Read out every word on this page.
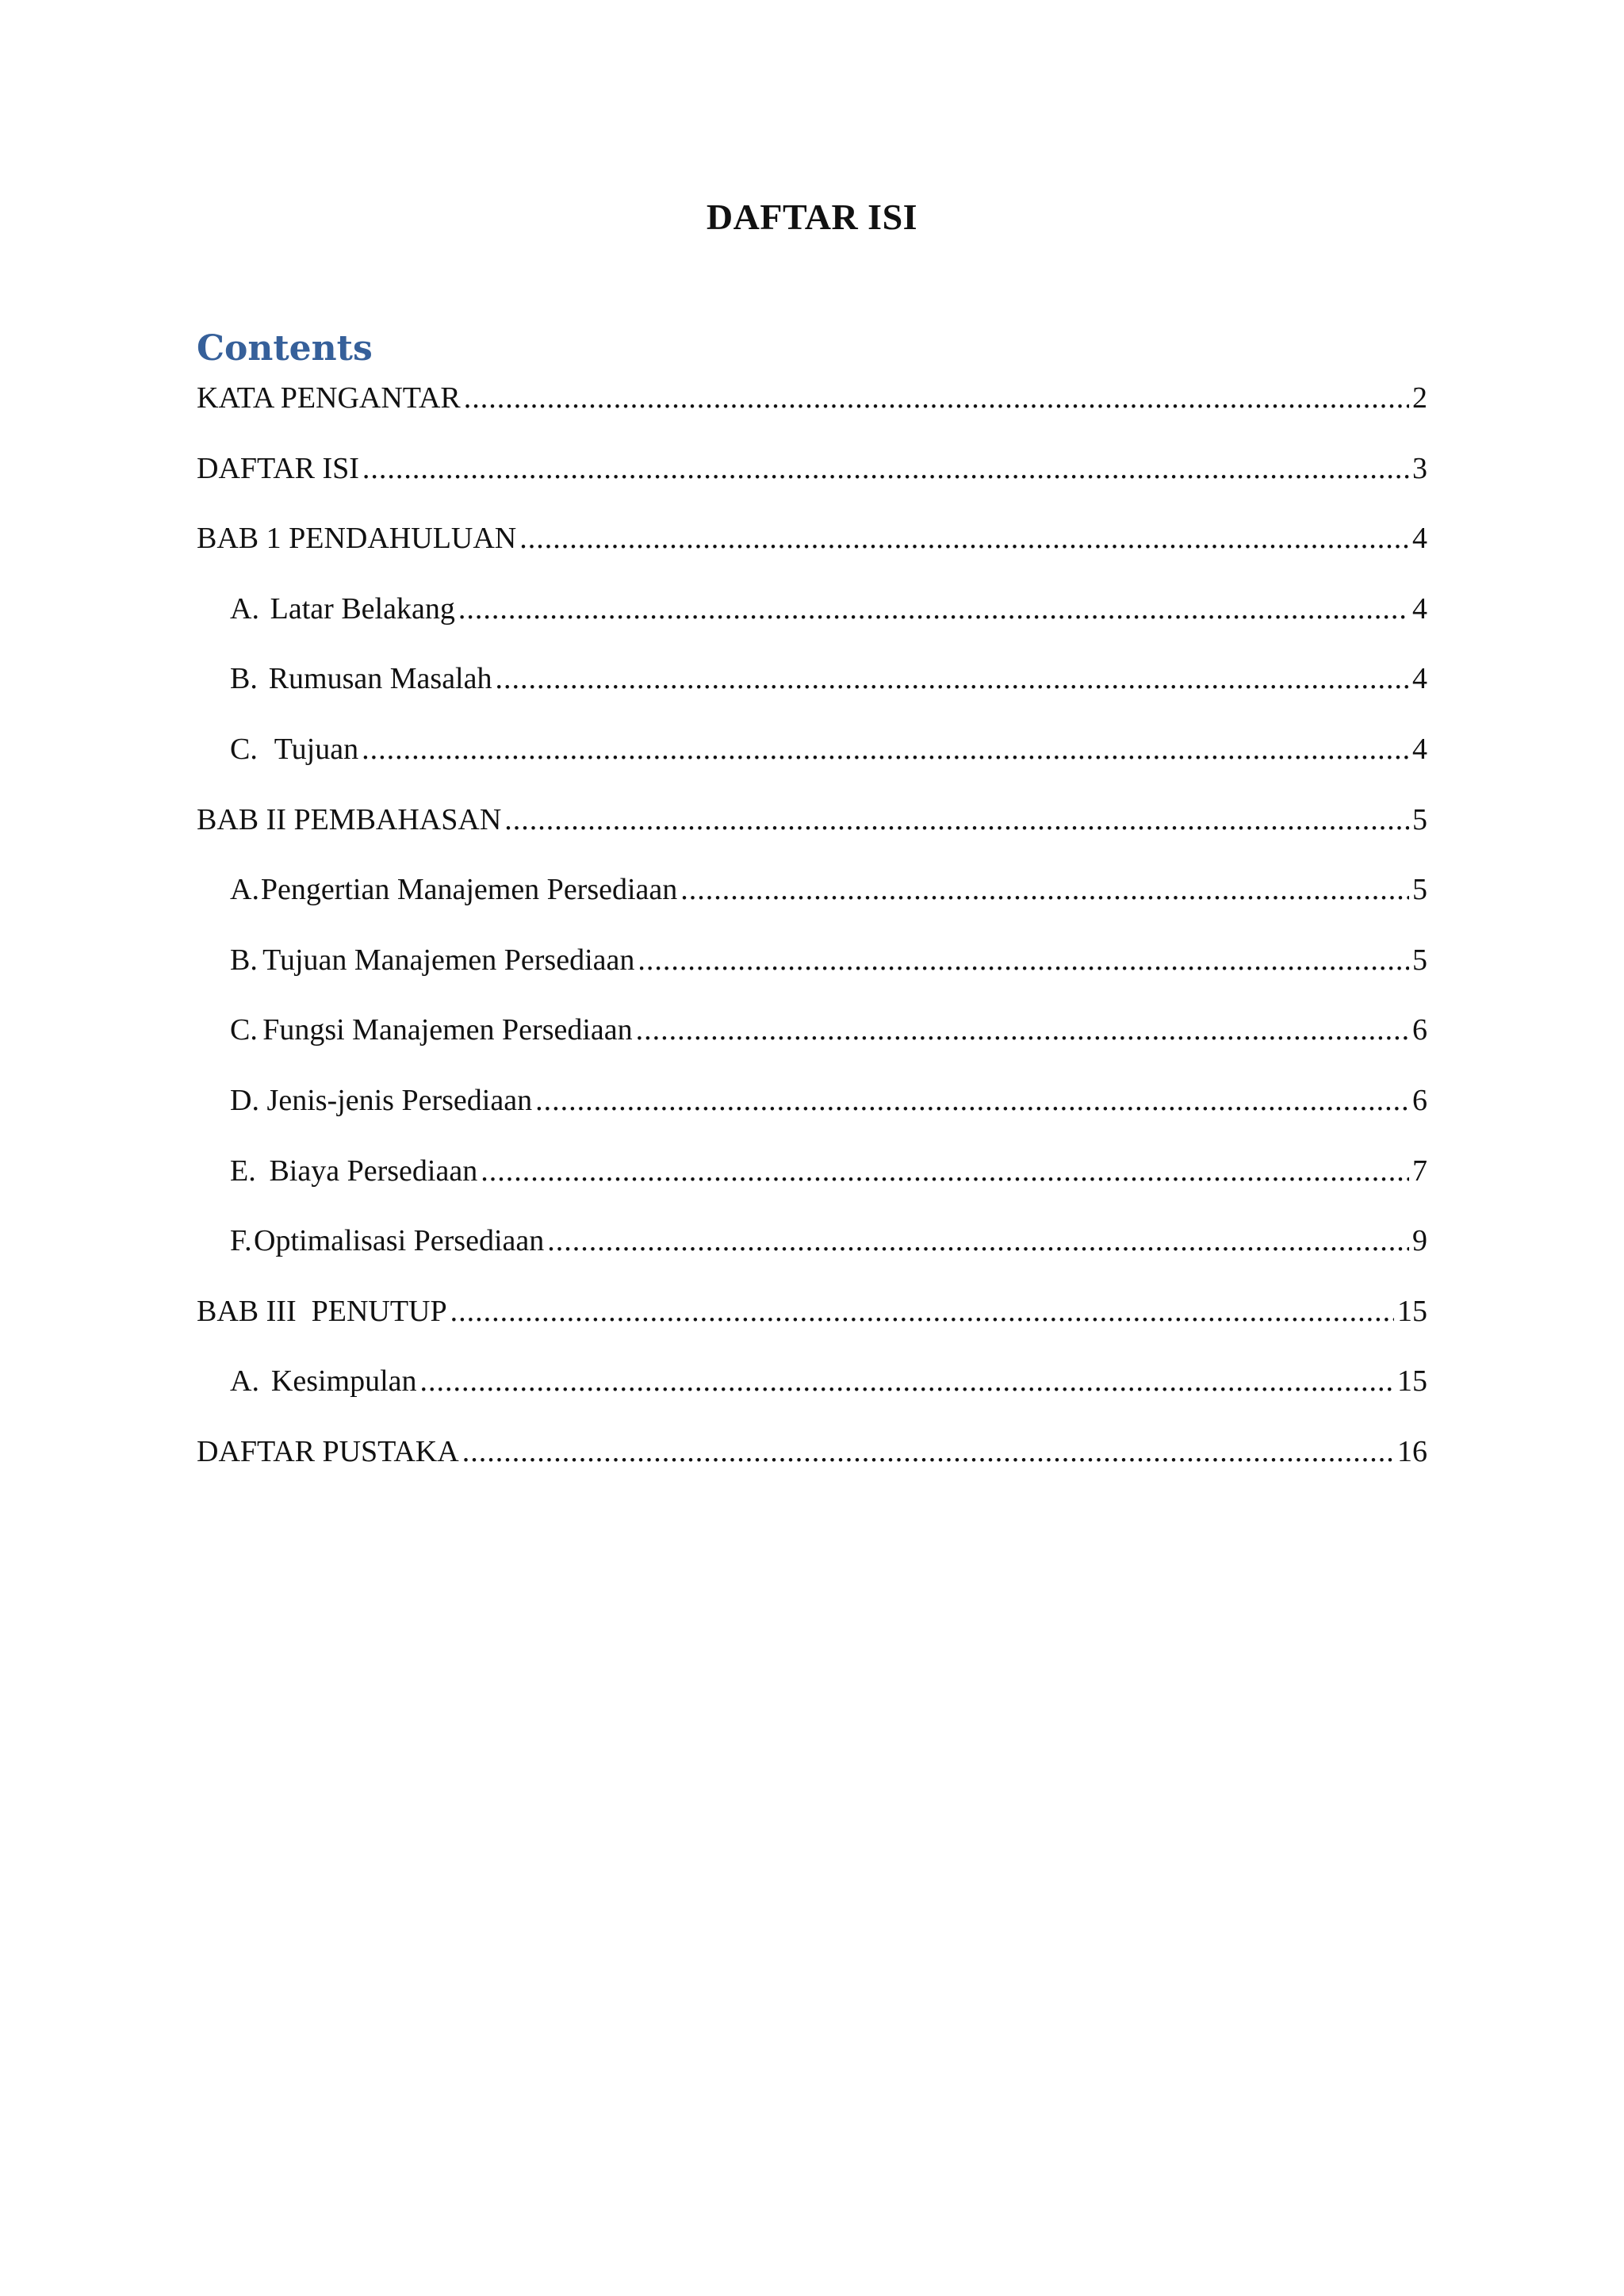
DAFTAR ISI
Contents
KATA PENGANTAR .....	2
DAFTAR ISI .....	3
BAB 1 PENDAHULUAN .....	4
A. Latar Belakang .....	4
B. Rumusan Masalah .....	4
C. Tujuan .....	4
BAB II PEMBAHASAN .....	5
A. Pengertian Manajemen Persediaan .....	5
B. Tujuan Manajemen Persediaan .....	5
C. Fungsi Manajemen Persediaan .....	6
D. Jenis-jenis Persediaan .....	6
E. Biaya Persediaan .....	7
F. Optimalisasi Persediaan .....	9
BAB III  PENUTUP .....	15
A. Kesimpulan .....	15
DAFTAR PUSTAKA .....	16
